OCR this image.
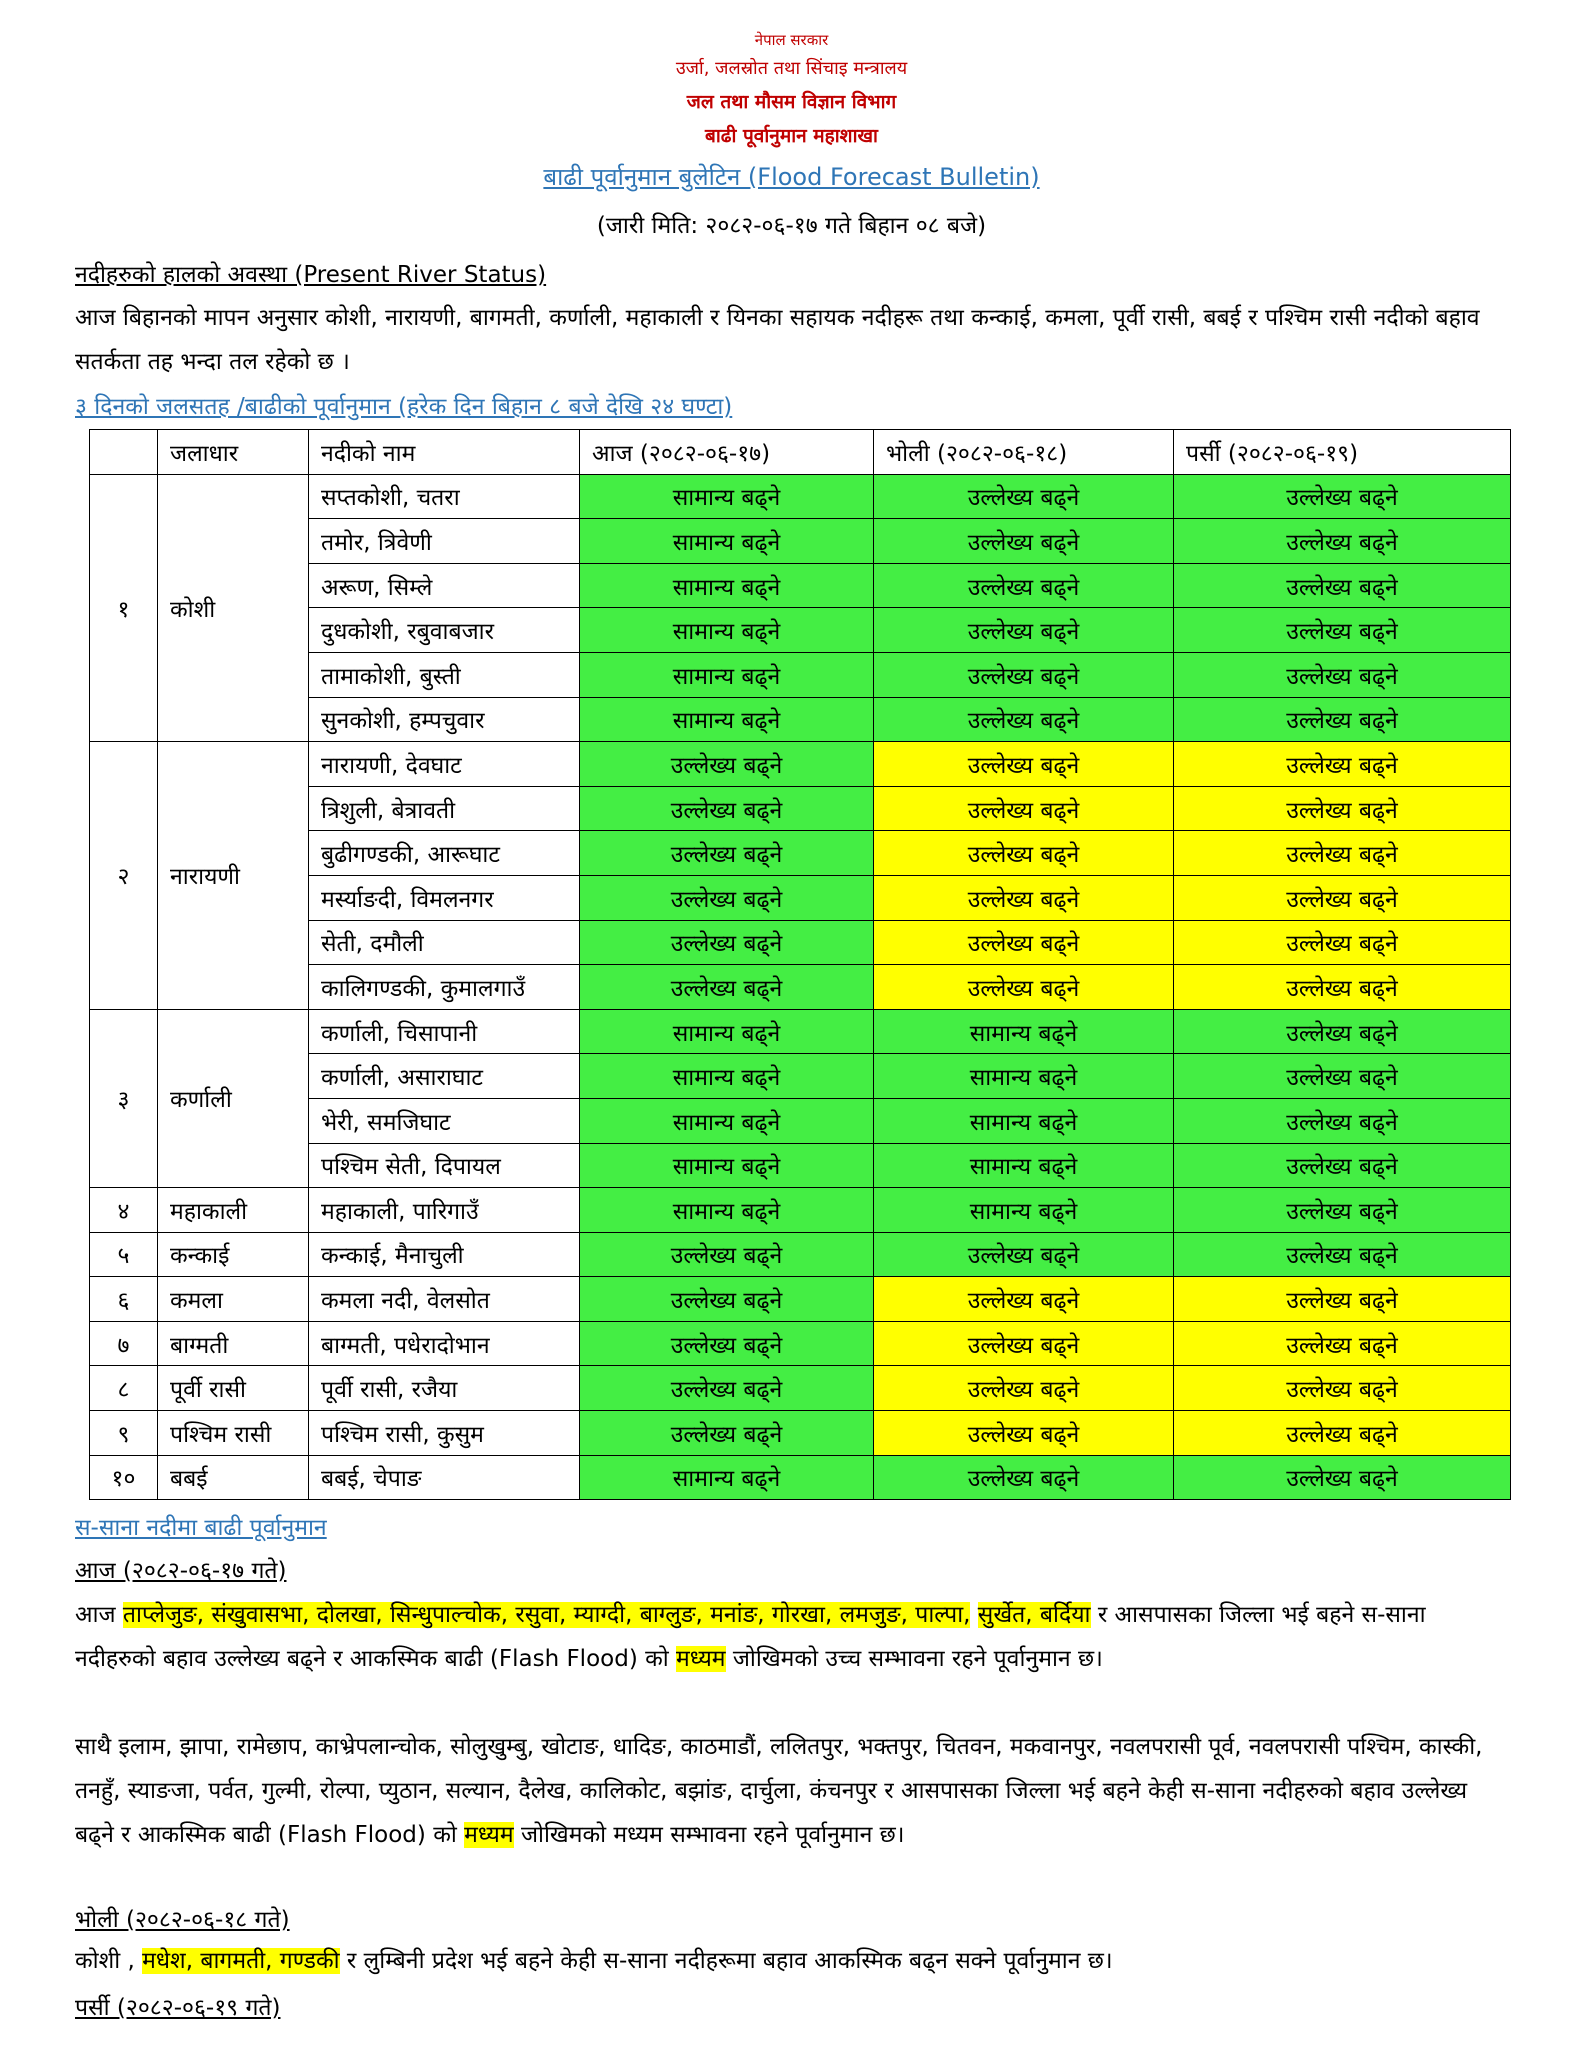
नेपाल सरकार
उर्जा, जलस्रोत तथा सिंचाइ मन्त्रालय
जल तथा मौसम विज्ञान विभाग
बाढी पूर्वानुमान महाशाखा
बाढी पूर्वानुमान बुलेटिन (Flood Forecast Bulletin)
(जारी मिति: २०८२-०६-१७ गते बिहान ०८ बजे)
नदीहरुको हालको अवस्था (Present River Status)
आज बिहानको मापन अनुसार कोशी, नारायणी, बागमती, कर्णाली, महाकाली र यिनका सहायक नदीहरू तथा कन्काई, कमला, पूर्वी रासी, बबई र पश्चिम रासी नदीको बहाव सतर्कता तह भन्दा तल रहेको छ ।
३ दिनको जलसतह /बाढीको पूर्वानुमान (हरेक दिन बिहान ८ बजे देखि २४ घण्टा)
	जलाधार	नदीको नाम	आज (२०८२-०६-१७)	भोली (२०८२-०६-१८)	पर्सी (२०८२-०६-१९)
१	कोशी	सप्तकोशी, चतरा	सामान्य बढ्ने	उल्लेख्य बढ्ने	उल्लेख्य बढ्ने
		तमोर, त्रिवेणी	सामान्य बढ्ने	उल्लेख्य बढ्ने	उल्लेख्य बढ्ने
		अरूण, सिम्ले	सामान्य बढ्ने	उल्लेख्य बढ्ने	उल्लेख्य बढ्ने
		दुधकोशी, रबुवाबजार	सामान्य बढ्ने	उल्लेख्य बढ्ने	उल्लेख्य बढ्ने
		तामाकोशी, बुस्ती	सामान्य बढ्ने	उल्लेख्य बढ्ने	उल्लेख्य बढ्ने
		सुनकोशी, हम्पचुवार	सामान्य बढ्ने	उल्लेख्य बढ्ने	उल्लेख्य बढ्ने
२	नारायणी	नारायणी, देवघाट	उल्लेख्य बढ्ने	उल्लेख्य बढ्ने	उल्लेख्य बढ्ने
		त्रिशुली, बेत्रावती	उल्लेख्य बढ्ने	उल्लेख्य बढ्ने	उल्लेख्य बढ्ने
		बुढीगण्डकी, आरूघाट	उल्लेख्य बढ्ने	उल्लेख्य बढ्ने	उल्लेख्य बढ्ने
		मर्स्याङदी, विमलनगर	उल्लेख्य बढ्ने	उल्लेख्य बढ्ने	उल्लेख्य बढ्ने
		सेती, दमौली	उल्लेख्य बढ्ने	उल्लेख्य बढ्ने	उल्लेख्य बढ्ने
		कालिगण्डकी, कुमालगाउँ	उल्लेख्य बढ्ने	उल्लेख्य बढ्ने	उल्लेख्य बढ्ने
३	कर्णाली	कर्णाली, चिसापानी	सामान्य बढ्ने	सामान्य बढ्ने	उल्लेख्य बढ्ने
		कर्णाली, असाराघाट	सामान्य बढ्ने	सामान्य बढ्ने	उल्लेख्य बढ्ने
		भेरी, समजिघाट	सामान्य बढ्ने	सामान्य बढ्ने	उल्लेख्य बढ्ने
		पश्चिम सेती, दिपायल	सामान्य बढ्ने	सामान्य बढ्ने	उल्लेख्य बढ्ने
४	महाकाली	महाकाली, पारिगाउँ	सामान्य बढ्ने	सामान्य बढ्ने	उल्लेख्य बढ्ने
५	कन्काई	कन्काई, मैनाचुली	उल्लेख्य बढ्ने	उल्लेख्य बढ्ने	उल्लेख्य बढ्ने
६	कमला	कमला नदी, वेलसोत	उल्लेख्य बढ्ने	उल्लेख्य बढ्ने	उल्लेख्य बढ्ने
७	बाग्मती	बाग्मती, पधेरादोभान	उल्लेख्य बढ्ने	उल्लेख्य बढ्ने	उल्लेख्य बढ्ने
८	पूर्वी रासी	पूर्वी रासी, रजैया	उल्लेख्य बढ्ने	उल्लेख्य बढ्ने	उल्लेख्य बढ्ने
९	पश्चिम रासी	पश्चिम रासी, कुसुम	उल्लेख्य बढ्ने	उल्लेख्य बढ्ने	उल्लेख्य बढ्ने
१०	बबई	बबई, चेपाङ	सामान्य बढ्ने	उल्लेख्य बढ्ने	उल्लेख्य बढ्ने
स-साना नदीमा बाढी पूर्वानुमान
आज (२०८२-०६-१७ गते)
आज ताप्लेजुङ, संखुवासभा, दोलखा, सिन्धुपाल्चोक, रसुवा, म्याग्दी, बाग्लुङ, मनांङ, गोरखा, लमजुङ, पाल्पा, सुर्खेत, बर्दिया र आसपासका जिल्ला भई बहने स-साना नदीहरुको बहाव उल्लेख्य बढ्ने र आकस्मिक बाढी (Flash Flood) को मध्यम जोखिमको उच्च सम्भावना रहने पूर्वानुमान छ।
साथै इलाम, झापा, रामेछाप, काभ्रेपलान्चोक, सोलुखुम्बु, खोटाङ, धादिङ, काठमाडौं, ललितपुर, भक्तपुर, चितवन, मकवानपुर, नवलपरासी पूर्व, नवलपरासी पश्चिम, कास्की, तनहुँ, स्याङजा, पर्वत, गुल्मी, रोल्पा, प्युठान, सल्यान, दैलेख, कालिकोट, बझांङ, दार्चुला, कंचनपुर र आसपासका जिल्ला भई बहने केही स-साना नदीहरुको बहाव उल्लेख्य बढ्ने र आकस्मिक बाढी (Flash Flood) को मध्यम जोखिमको मध्यम सम्भावना रहने पूर्वानुमान छ।
भोली (२०८२-०६-१८ गते)
कोशी , मधेश, बागमती, गण्डकी र लुम्बिनी प्रदेश भई बहने केही स-साना नदीहरूमा बहाव आकस्मिक बढ्न सक्ने पूर्वानुमान छ।
पर्सी (२०८२-०६-१९ गते)
